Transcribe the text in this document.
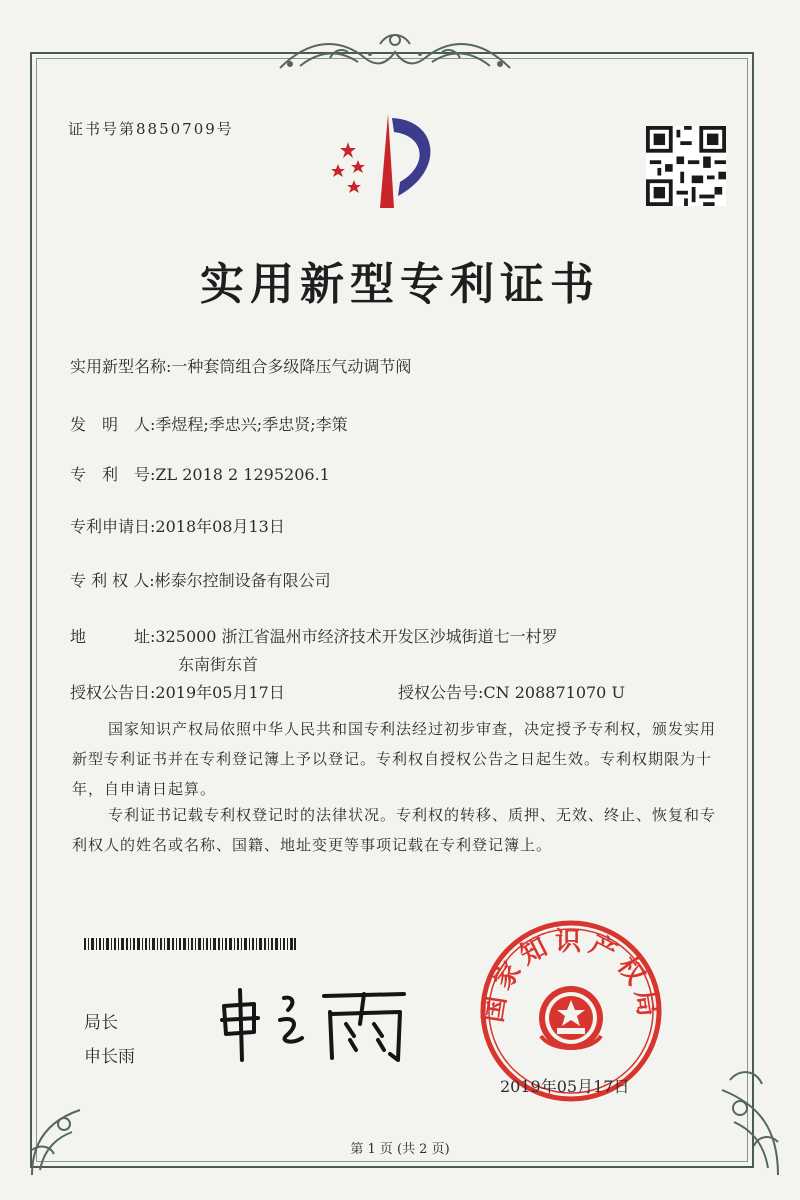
证书号第8850709号
实用新型专利证书
实用新型名称:一种套筒组合多级降压气动调节阀
发　明　人:季煜程;季忠兴;季忠贤;李策
专　利　号:ZL 2018 2 1295206.1
专利申请日:2018年08月13日
专 利 权 人:彬泰尔控制设备有限公司
地　　　址:325000 浙江省温州市经济技术开发区沙城街道七一村罗
东南街东首
授权公告日:2019年05月17日	授权公告号:CN 208871070 U
国家知识产权局依照中华人民共和国专利法经过初步审查，决定授予专利权，颁发实用新型专利证书并在专利登记簿上予以登记。专利权自授权公告之日起生效。专利权期限为十年，自申请日起算。
专利证书记载专利权登记时的法律状况。专利权的转移、质押、无效、终止、恢复和专利权人的姓名或名称、国籍、地址变更等事项记载在专利登记簿上。
局长
申长雨
国家知识产权局
2019年05月17日
第 1 页 (共 2 页)
